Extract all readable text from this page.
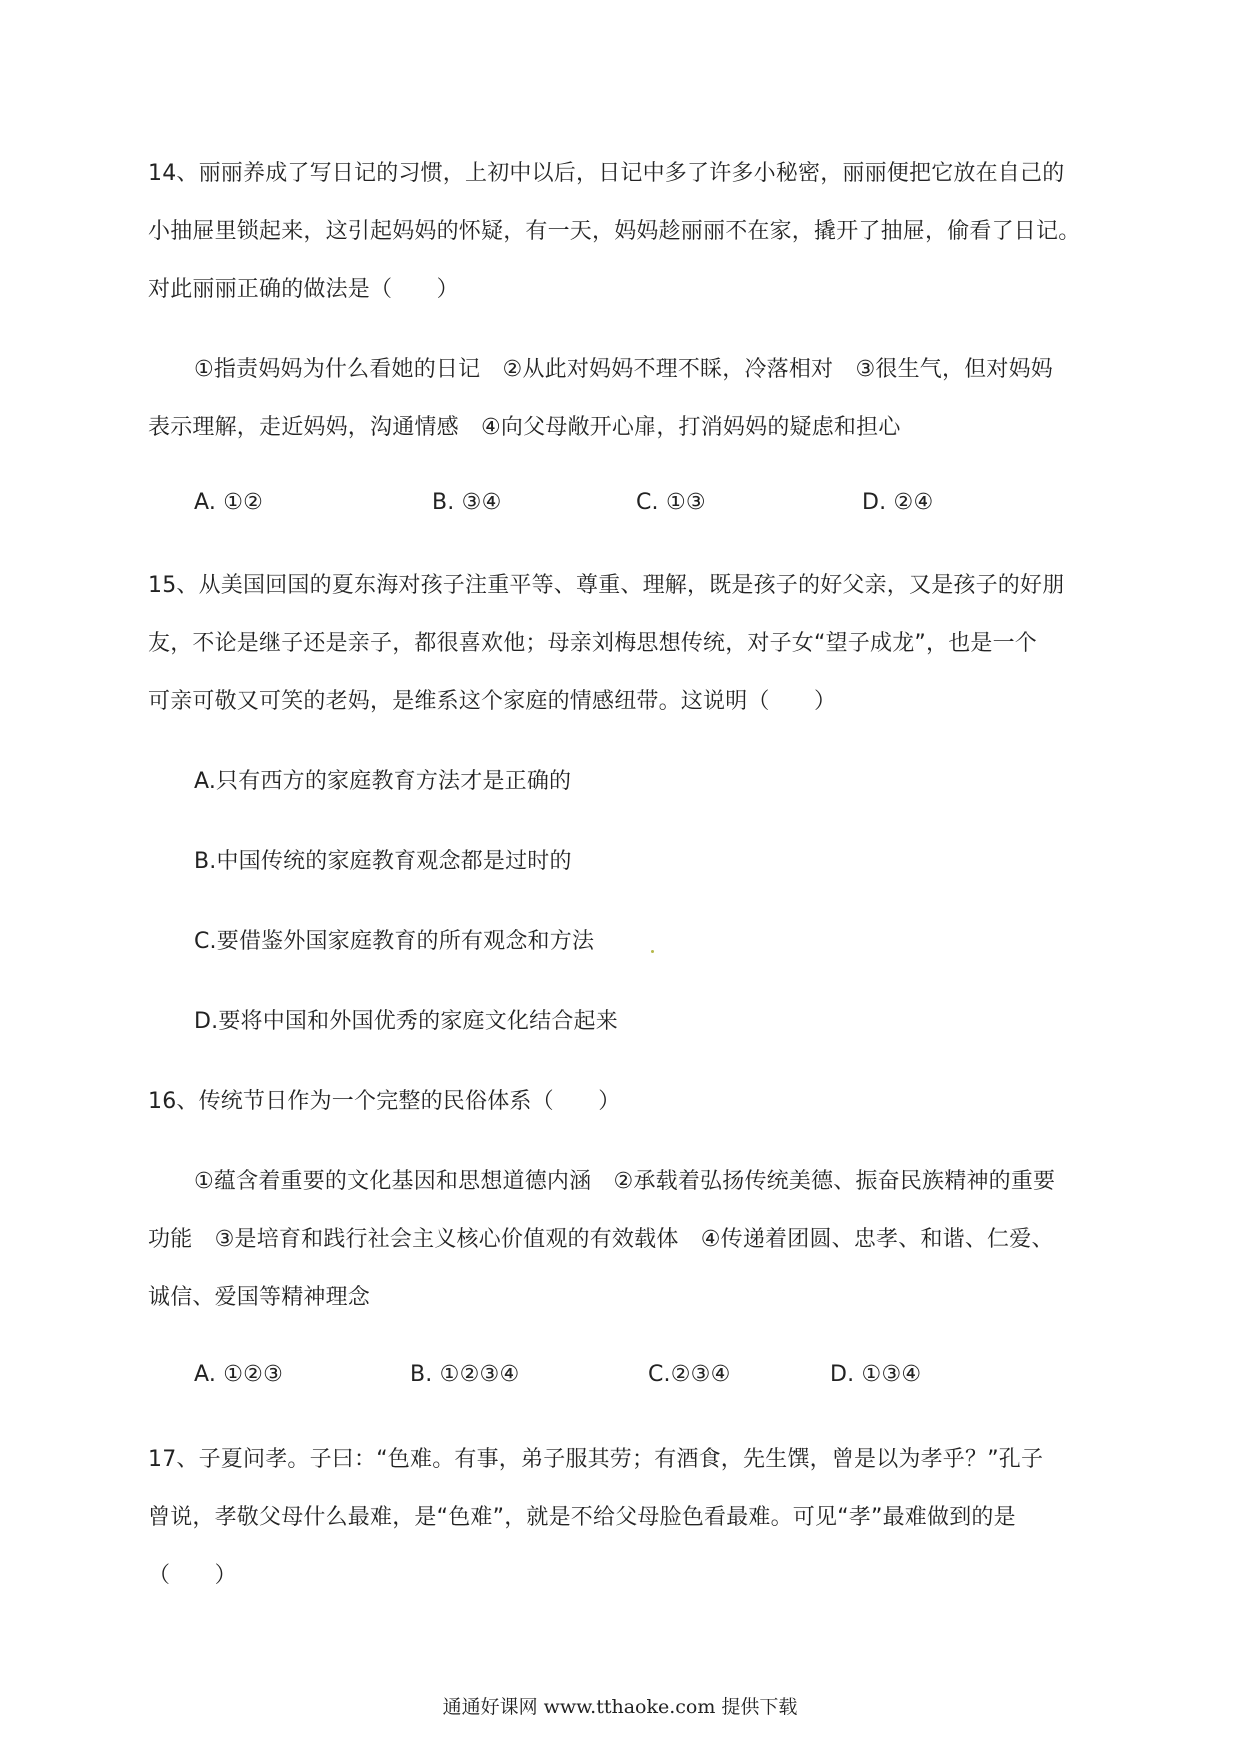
14、丽丽养成了写日记的习惯，上初中以后，日记中多了许多小秘密，丽丽便把它放在自己的
小抽屉里锁起来，这引起妈妈的怀疑，有一天，妈妈趁丽丽不在家，撬开了抽屉，偷看了日记。
对此丽丽正确的做法是（　　）
①指责妈妈为什么看她的日记　②从此对妈妈不理不睬，冷落相对　③很生气，但对妈妈
表示理解，走近妈妈，沟通情感　④向父母敞开心扉，打消妈妈的疑虑和担心
A. ①②	B. ③④	C. ①③	D. ②④
15、从美国回国的夏东海对孩子注重平等、尊重、理解，既是孩子的好父亲，又是孩子的好朋
友，不论是继子还是亲子，都很喜欢他；母亲刘梅思想传统，对子女“望子成龙”，也是一个
可亲可敬又可笑的老妈，是维系这个家庭的情感纽带。这说明（　　）
A.只有西方的家庭教育方法才是正确的
B.中国传统的家庭教育观念都是过时的
C.要借鉴外国家庭教育的所有观念和方法
D.要将中国和外国优秀的家庭文化结合起来
16、传统节日作为一个完整的民俗体系（　　）
①蕴含着重要的文化基因和思想道德内涵　②承载着弘扬传统美德、振奋民族精神的重要
功能　③是培育和践行社会主义核心价值观的有效载体　④传递着团圆、忠孝、和谐、仁爱、
诚信、爱国等精神理念
A. ①②③	B. ①②③④	C.②③④	D. ①③④
17、子夏问孝。子曰：“色难。有事，弟子服其劳；有酒食，先生馔，曾是以为孝乎？”孔子
曾说，孝敬父母什么最难，是“色难”，就是不给父母脸色看最难。可见“孝”最难做到的是
（　　）
通通好课网 www.tthaoke.com 提供下载
